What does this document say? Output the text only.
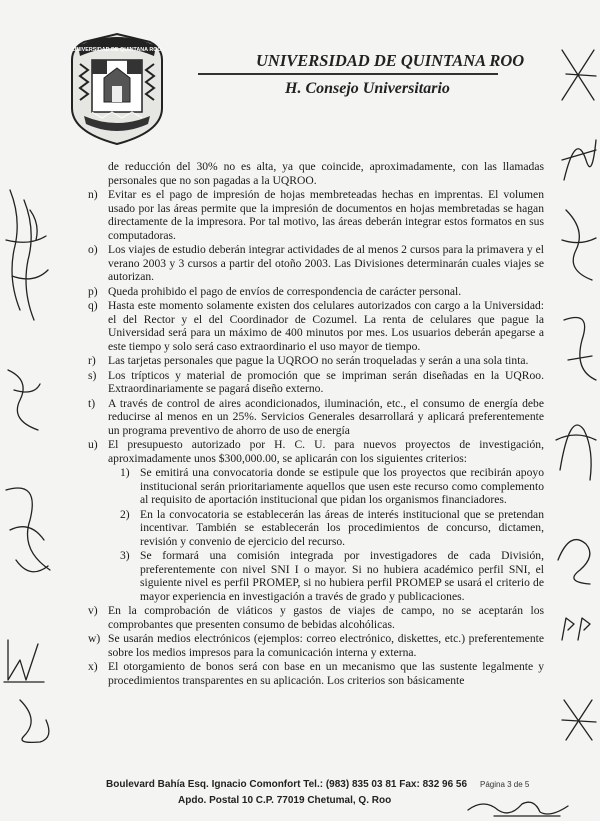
UNIVERSIDAD DE QUINTANA ROO
UNIVERSIDAD DE QUINTANA ROO
H. Consejo Universitario
de reducción del 30% no es alta, ya que coincide, aproximadamente, con las llamadas personales que no son pagadas a la UQROO.
n) Evitar es el pago de impresión de hojas membreteadas hechas en imprentas. El volumen usado por las áreas permite que la impresión de documentos en hojas membretadas se hagan directamente de la impresora. Por tal motivo, las áreas deberán integrar estos formatos en sus computadoras.
o) Los viajes de estudio deberán integrar actividades de al menos 2 cursos para la primavera y el verano 2003 y 3 cursos a partir del otoño 2003. Las Divisiones determinarán cuales viajes se autorizan.
p) Queda prohibido el pago de envíos de correspondencia de carácter personal.
q) Hasta este momento solamente existen dos celulares autorizados con cargo a la Universidad: el del Rector y el del Coordinador de Cozumel. La renta de celulares que pague la Universidad será para un máximo de 400 minutos por mes. Los usuarios deberán apegarse a este tiempo y solo será caso extraordinario el uso mayor de tiempo.
r) Las tarjetas personales que pague la UQROO no serán troqueladas y serán a una sola tinta.
s) Los trípticos y material de promoción que se impriman serán diseñadas en la UQRoo. Extraordinariamente se pagará diseño externo.
t) A través de control de aires acondicionados, iluminación, etc., el consumo de energía debe reducirse al menos en un 25%. Servicios Generales desarrollará y aplicará preferentemente un programa preventivo de ahorro de uso de energía
u) El presupuesto autorizado por H. C. U. para nuevos proyectos de investigación, aproximadamente unos $300,000.00, se aplicarán con los siguientes criterios:
1) Se emitirá una convocatoria donde se estipule que los proyectos que recibirán apoyo institucional serán prioritariamente aquellos que usen este recurso como complemento al requisito de aportación institucional que pidan los organismos financiadores.
2) En la convocatoria se establecerán las áreas de interés institucional que se pretendan incentivar. También se establecerán los procedimientos de concurso, dictamen, revisión y convenio de ejercicio del recurso.
3) Se formará una comisión integrada por investigadores de cada División, preferentemente con nivel SNI I o mayor. Si no hubiera académico perfil SNI, el siguiente nivel es perfil PROMEP, si no hubiera perfil PROMEP se usará el criterio de mayor experiencia en investigación a través de grado y publicaciones.
v) En la comprobación de viáticos y gastos de viajes de campo, no se aceptarán los comprobantes que presenten consumo de bebidas alcohólicas.
w) Se usarán medios electrónicos (ejemplos: correo electrónico, diskettes, etc.) preferentemente sobre los medios impresos para la comunicación interna y externa.
x) El otorgamiento de bonos será con base en un mecanismo que las sustente legalmente y procedimientos transparentes en su aplicación. Los criterios son básicamente
Boulevard Bahía Esq. Ignacio Comonfort Tel.: (983) 835 03 81 Fax: 832 96 56 Página 3 de 5
Apdo. Postal 10 C.P. 77019 Chetumal, Q. Roo
